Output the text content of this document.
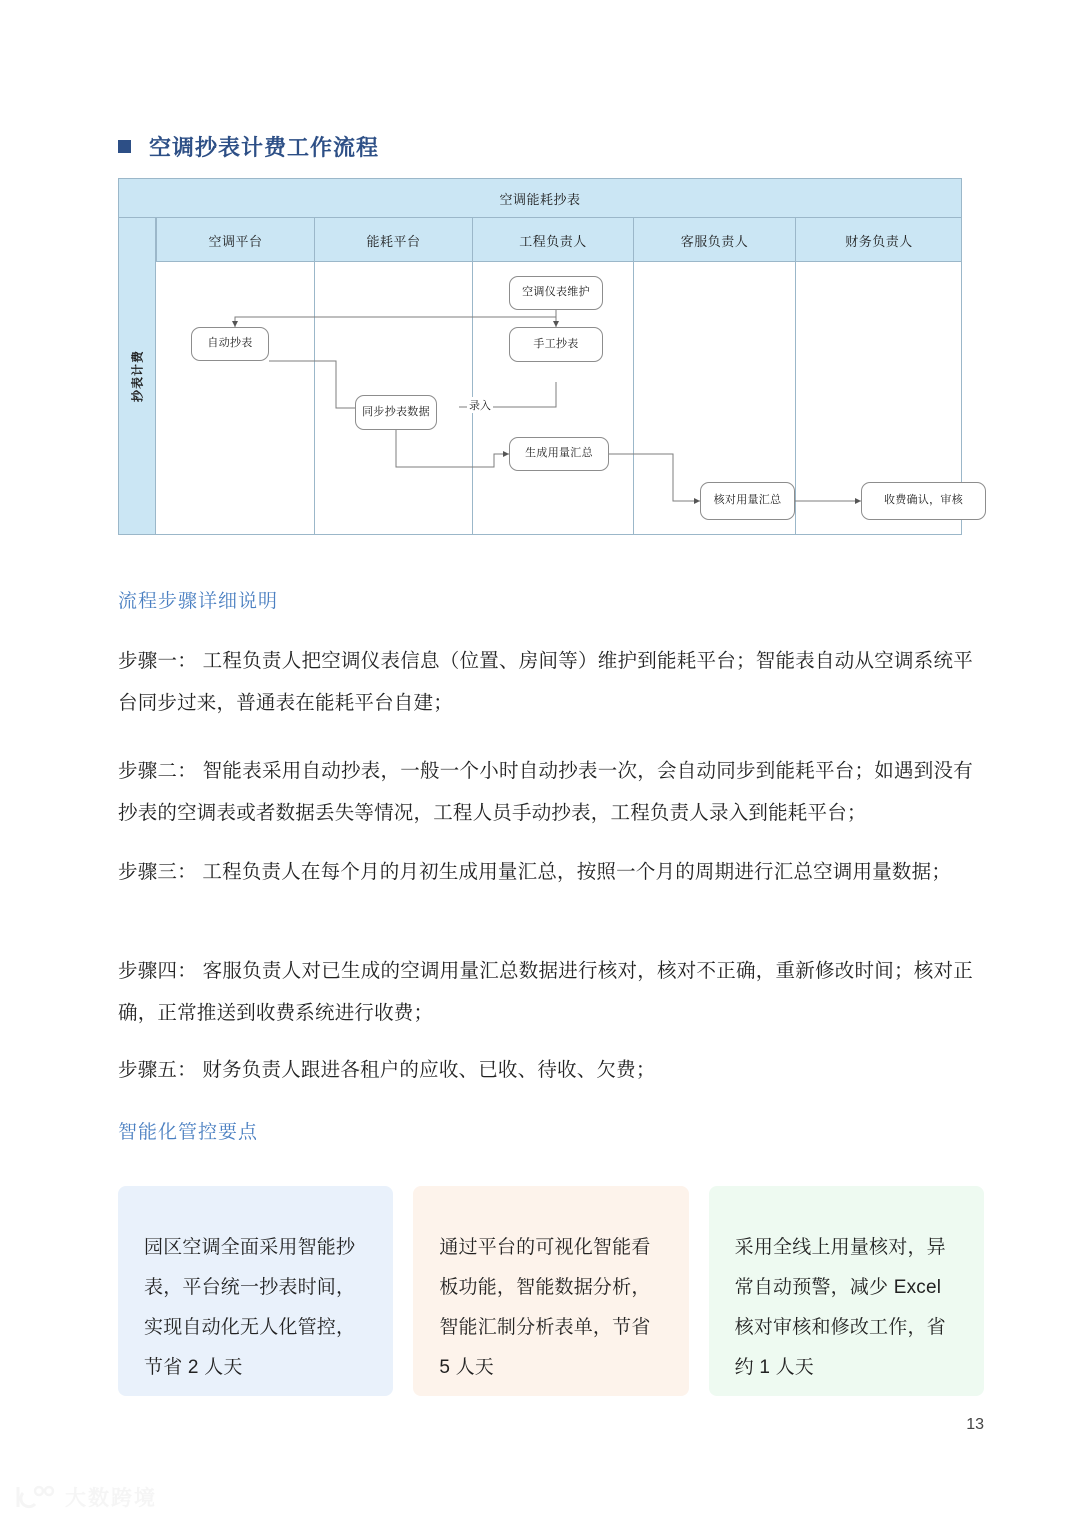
空调抄表计费工作流程
空调能耗抄表
空调平台	能耗平台	工程负责人	客服负责人	财务负责人
抄表计费
自动抄表
同步抄表数据
空调仪表维护
手工抄表
生成用量汇总
核对用量汇总	收费确认，审核
录入
流程步骤详细说明
步骤一： 工程负责人把空调仪表信息（位置、房间等）维护到能耗平台；智能表自动从空调系统平台同步过来，普通表在能耗平台自建；
步骤二： 智能表采用自动抄表，一般一个小时自动抄表一次，会自动同步到能耗平台；如遇到没有抄表的空调表或者数据丢失等情况，工程人员手动抄表，工程负责人录入到能耗平台；
步骤三： 工程负责人在每个月的月初生成用量汇总，按照一个月的周期进行汇总空调用量数据；
步骤四： 客服负责人对已生成的空调用量汇总数据进行核对，核对不正确，重新修改时间；核对正确，正常推送到收费系统进行收费；
步骤五： 财务负责人跟进各租户的应收、已收、待收、欠费；
智能化管控要点
园区空调全面采用智能抄表，平台统一抄表时间，实现自动化无人化管控，节省 2 人天
通过平台的可视化智能看板功能，智能数据分析，智能汇制分析表单，节省 5 人天
采用全线上用量核对，异常自动预警，减少 Excel 核对审核和修改工作，省约 1 人天
13
大数跨境
